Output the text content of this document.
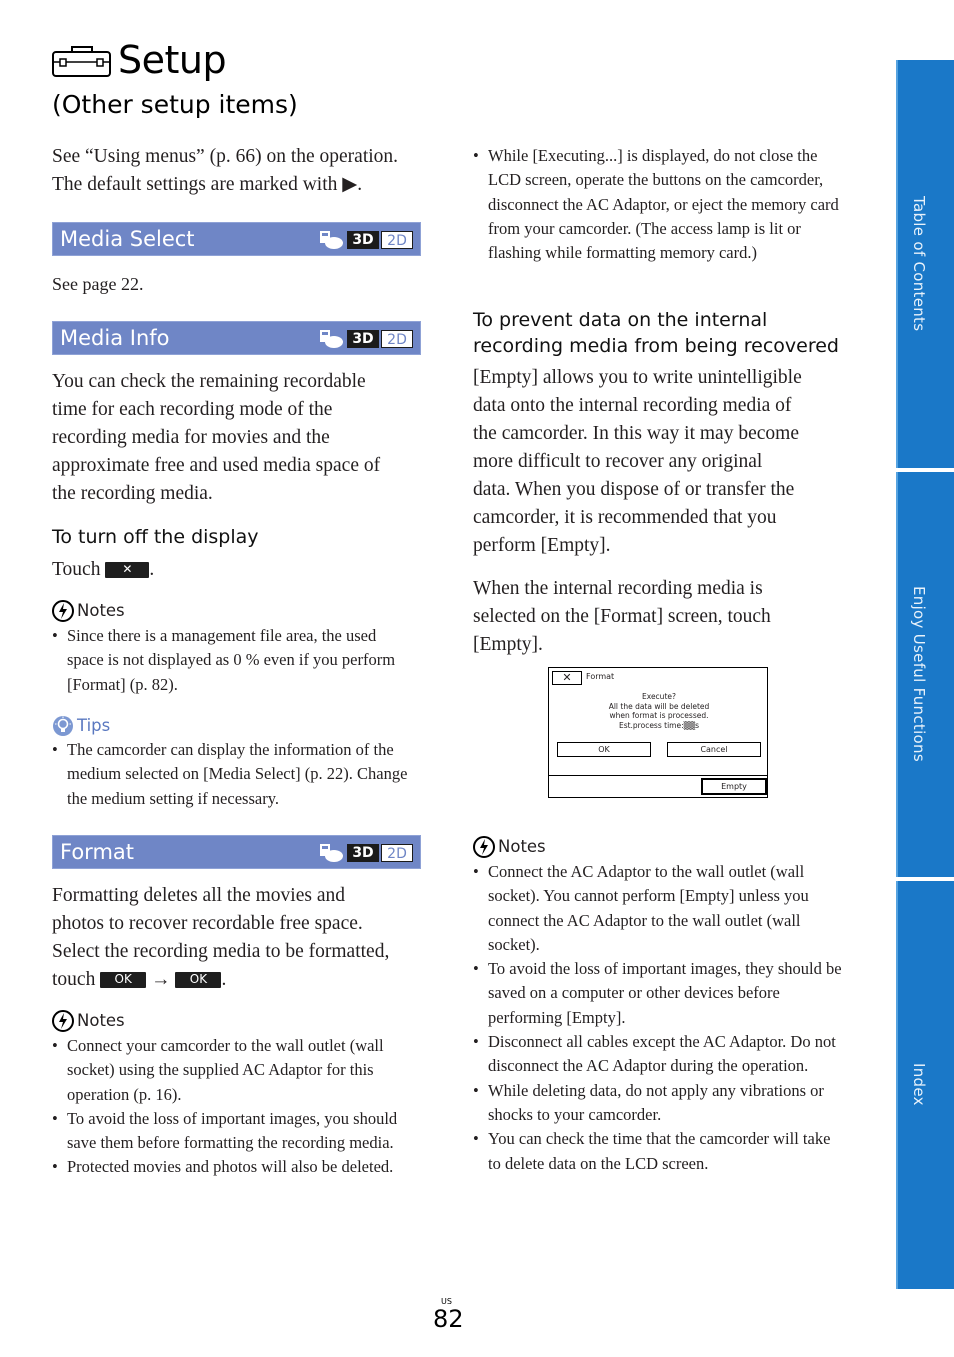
Setup
(Other setup items)
See “Using menus” (p. 66) on the operation.
The default settings are marked with ▶.
Media Select	3D 2D
See page 22.
Media Info	3D 2D
You can check the remaining recordable
time for each recording mode of the
recording media for movies and the
approximate free and used media space of
the recording media.
To turn off the display
Touch ✕ .
Notes
• Since there is a management file area, the used space is not displayed as 0 % even if you perform [Format] (p. 82).
Tips
• The camcorder can display the information of the medium selected on [Media Select] (p. 22). Change the medium setting if necessary.
Format	3D 2D
Formatting deletes all the movies and
photos to recover recordable free space.
Select the recording media to be formatted,
touch OK → OK .
Notes
• Connect your camcorder to the wall outlet (wall socket) using the supplied AC Adaptor for this operation (p. 16).
• To avoid the loss of important images, you should save them before formatting the recording media.
• Protected movies and photos will also be deleted.
• While [Executing...] is displayed, do not close the LCD screen, operate the buttons on the camcorder, disconnect the AC Adaptor, or eject the memory card from your camcorder. (The access lamp is lit or flashing while formatting memory card.)
To prevent data on the internal
recording media from being recovered
[Empty] allows you to write unintelligible
data onto the internal recording media of
the camcorder. In this way it may become
more difficult to recover any original
data. When you dispose of or transfer the
camcorder, it is recommended that you
perform [Empty].
When the internal recording media is
selected on the [Format] screen, touch
[Empty].
✕	Format
Execute?
All the data will be deleted
when format is processed.
Est.process time:▒▒s
OK	Cancel
Empty
Notes
• Connect the AC Adaptor to the wall outlet (wall socket). You cannot perform [Empty] unless you connect the AC Adaptor to the wall outlet (wall socket).
• To avoid the loss of important images, they should be saved on a computer or other devices before performing [Empty].
• Disconnect all cables except the AC Adaptor. Do not disconnect the AC Adaptor during the operation.
• While deleting data, do not apply any vibrations or shocks to your camcorder.
• You can check the time that the camcorder will take to delete data on the LCD screen.
Table of Contents
Enjoy Useful Functions
Index
US
82
